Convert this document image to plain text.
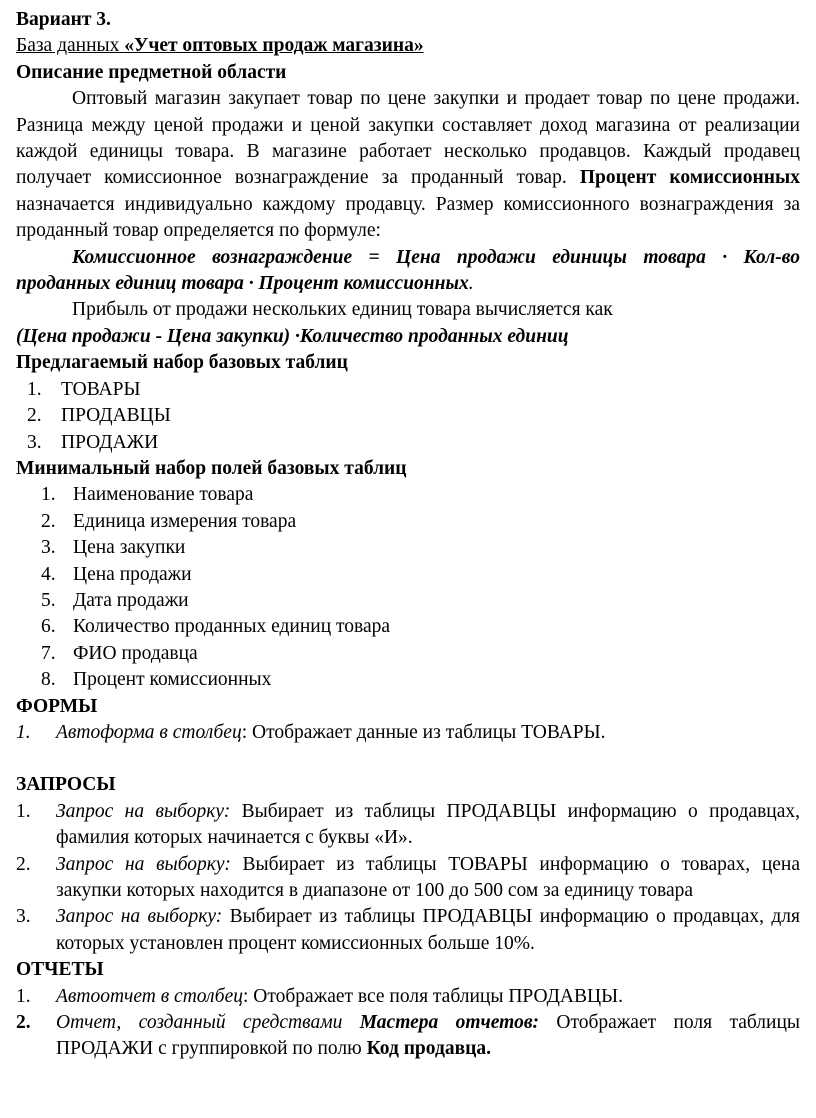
Вариант 3.

База данных «Учет оптовых продаж магазина»

Описание предметной области

Оптовый магазин закупает товар по цене закупки и продает товар по цене продажи. Разница между ценой продажи и ценой закупки составляет доход магазина от реализации каждой единицы товара. В магазине работает несколько продавцов. Каждый продавец получает комиссионное вознаграждение за проданный товар. Процент комиссионных назначается индивидуально каждому продавцу. Размер комиссионного вознаграждения за проданный товар определяется по формуле:

Комиссионное вознаграждение = Цена продажи единицы товара · Кол-во проданных единиц товара · Процент комиссионных.

Прибыль от продажи нескольких единиц товара вычисляется как

(Цена продажи - Цена закупки) ·Количество проданных единиц

Предлагаемый набор базовых таблиц

1. ТОВАРЫ
2. ПРОДАВЦЫ
3. ПРОДАЖИ

Минимальный набор полей базовых таблиц

1. Наименование товара
2. Единица измерения товара
3. Цена закупки
4. Цена продажи
5. Дата продажи
6. Количество проданных единиц товара
7. ФИО продавца
8. Процент комиссионных

ФОРМЫ

1. Автоформа в столбец: Отображает данные из таблицы ТОВАРЫ.

ЗАПРОСЫ

1. Запрос на выборку: Выбирает из таблицы ПРОДАВЦЫ информацию о продавцах, фамилия которых начинается с буквы «И».
2. Запрос на выборку: Выбирает из таблицы ТОВАРЫ информацию о товарах, цена закупки которых находится в диапазоне от 100 до 500 сом за единицу товара
3. Запрос на выборку: Выбирает из таблицы ПРОДАВЦЫ информацию о продавцах, для которых установлен процент комиссионных больше 10%.

ОТЧЕТЫ

1. Автоотчет в столбец: Отображает все поля таблицы ПРОДАВЦЫ.
2. Отчет, созданный средствами Мастера отчетов: Отображает поля таблицы ПРОДАЖИ с группировкой по полю Код продавца.
